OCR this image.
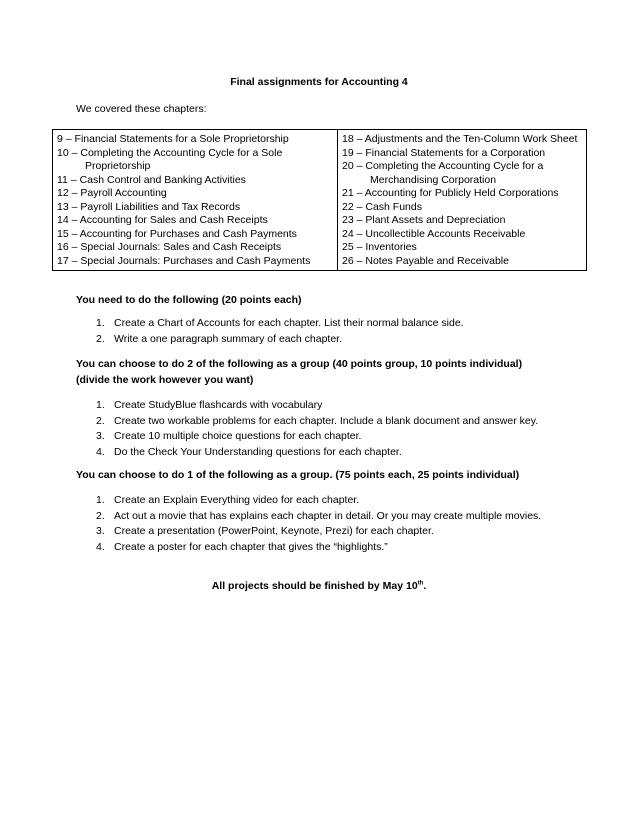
Final assignments for Accounting 4
We covered these chapters:
9 – Financial Statements for a Sole Proprietorship
10 – Completing the Accounting Cycle for a Sole
Proprietorship
11 – Cash Control and Banking Activities
12 – Payroll Accounting
13 – Payroll Liabilities and Tax Records
14 – Accounting for Sales and Cash Receipts
15 – Accounting for Purchases and Cash Payments
16 – Special Journals: Sales and Cash Receipts
17 – Special Journals: Purchases and Cash Payments

18 – Adjustments and the Ten-Column Work Sheet
19 – Financial Statements for a Corporation
20 – Completing the Accounting Cycle for a
Merchandising Corporation
21 – Accounting for Publicly Held Corporations
22 – Cash Funds
23 – Plant Assets and Depreciation
24 – Uncollectible Accounts Receivable
25 – Inventories
26 – Notes Payable and Receivable
You need to do the following (20 points each)
1. Create a Chart of Accounts for each chapter. List their normal balance side.
2. Write a one paragraph summary of each chapter.
You can choose to do 2 of the following as a group (40 points group, 10 points individual)
(divide the work however you want)
1. Create StudyBlue flashcards with vocabulary
2. Create two workable problems for each chapter. Include a blank document and answer key.
3. Create 10 multiple choice questions for each chapter.
4. Do the Check Your Understanding questions for each chapter.
You can choose to do 1 of the following as a group. (75 points each, 25 points individual)
1. Create an Explain Everything video for each chapter.
2. Act out a movie that has explains each chapter in detail. Or you may create multiple movies.
3. Create a presentation (PowerPoint, Keynote, Prezi) for each chapter.
4. Create a poster for each chapter that gives the “highlights.”
All projects should be finished by May 10th.
